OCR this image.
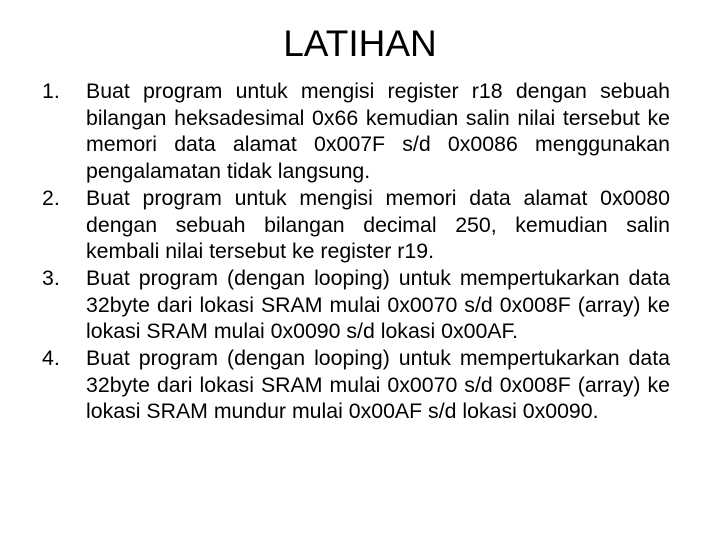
LATIHAN
1.	Buat program untuk mengisi register r18 dengan sebuah bilangan heksadesimal 0x66 kemudian salin nilai tersebut ke memori data alamat 0x007F s/d 0x0086 menggunakan pengalamatan tidak langsung.
2.	Buat program untuk mengisi memori data alamat 0x0080 dengan sebuah bilangan decimal 250, kemudian salin kembali nilai tersebut ke register r19.
3.	Buat program (dengan looping) untuk mempertukarkan data 32byte dari lokasi SRAM mulai 0x0070 s/d 0x008F (array) ke lokasi SRAM mulai 0x0090 s/d lokasi 0x00AF.
4.	Buat program (dengan looping) untuk mempertukarkan data 32byte dari lokasi SRAM mulai 0x0070 s/d 0x008F (array) ke lokasi SRAM mundur mulai 0x00AF s/d lokasi 0x0090.
